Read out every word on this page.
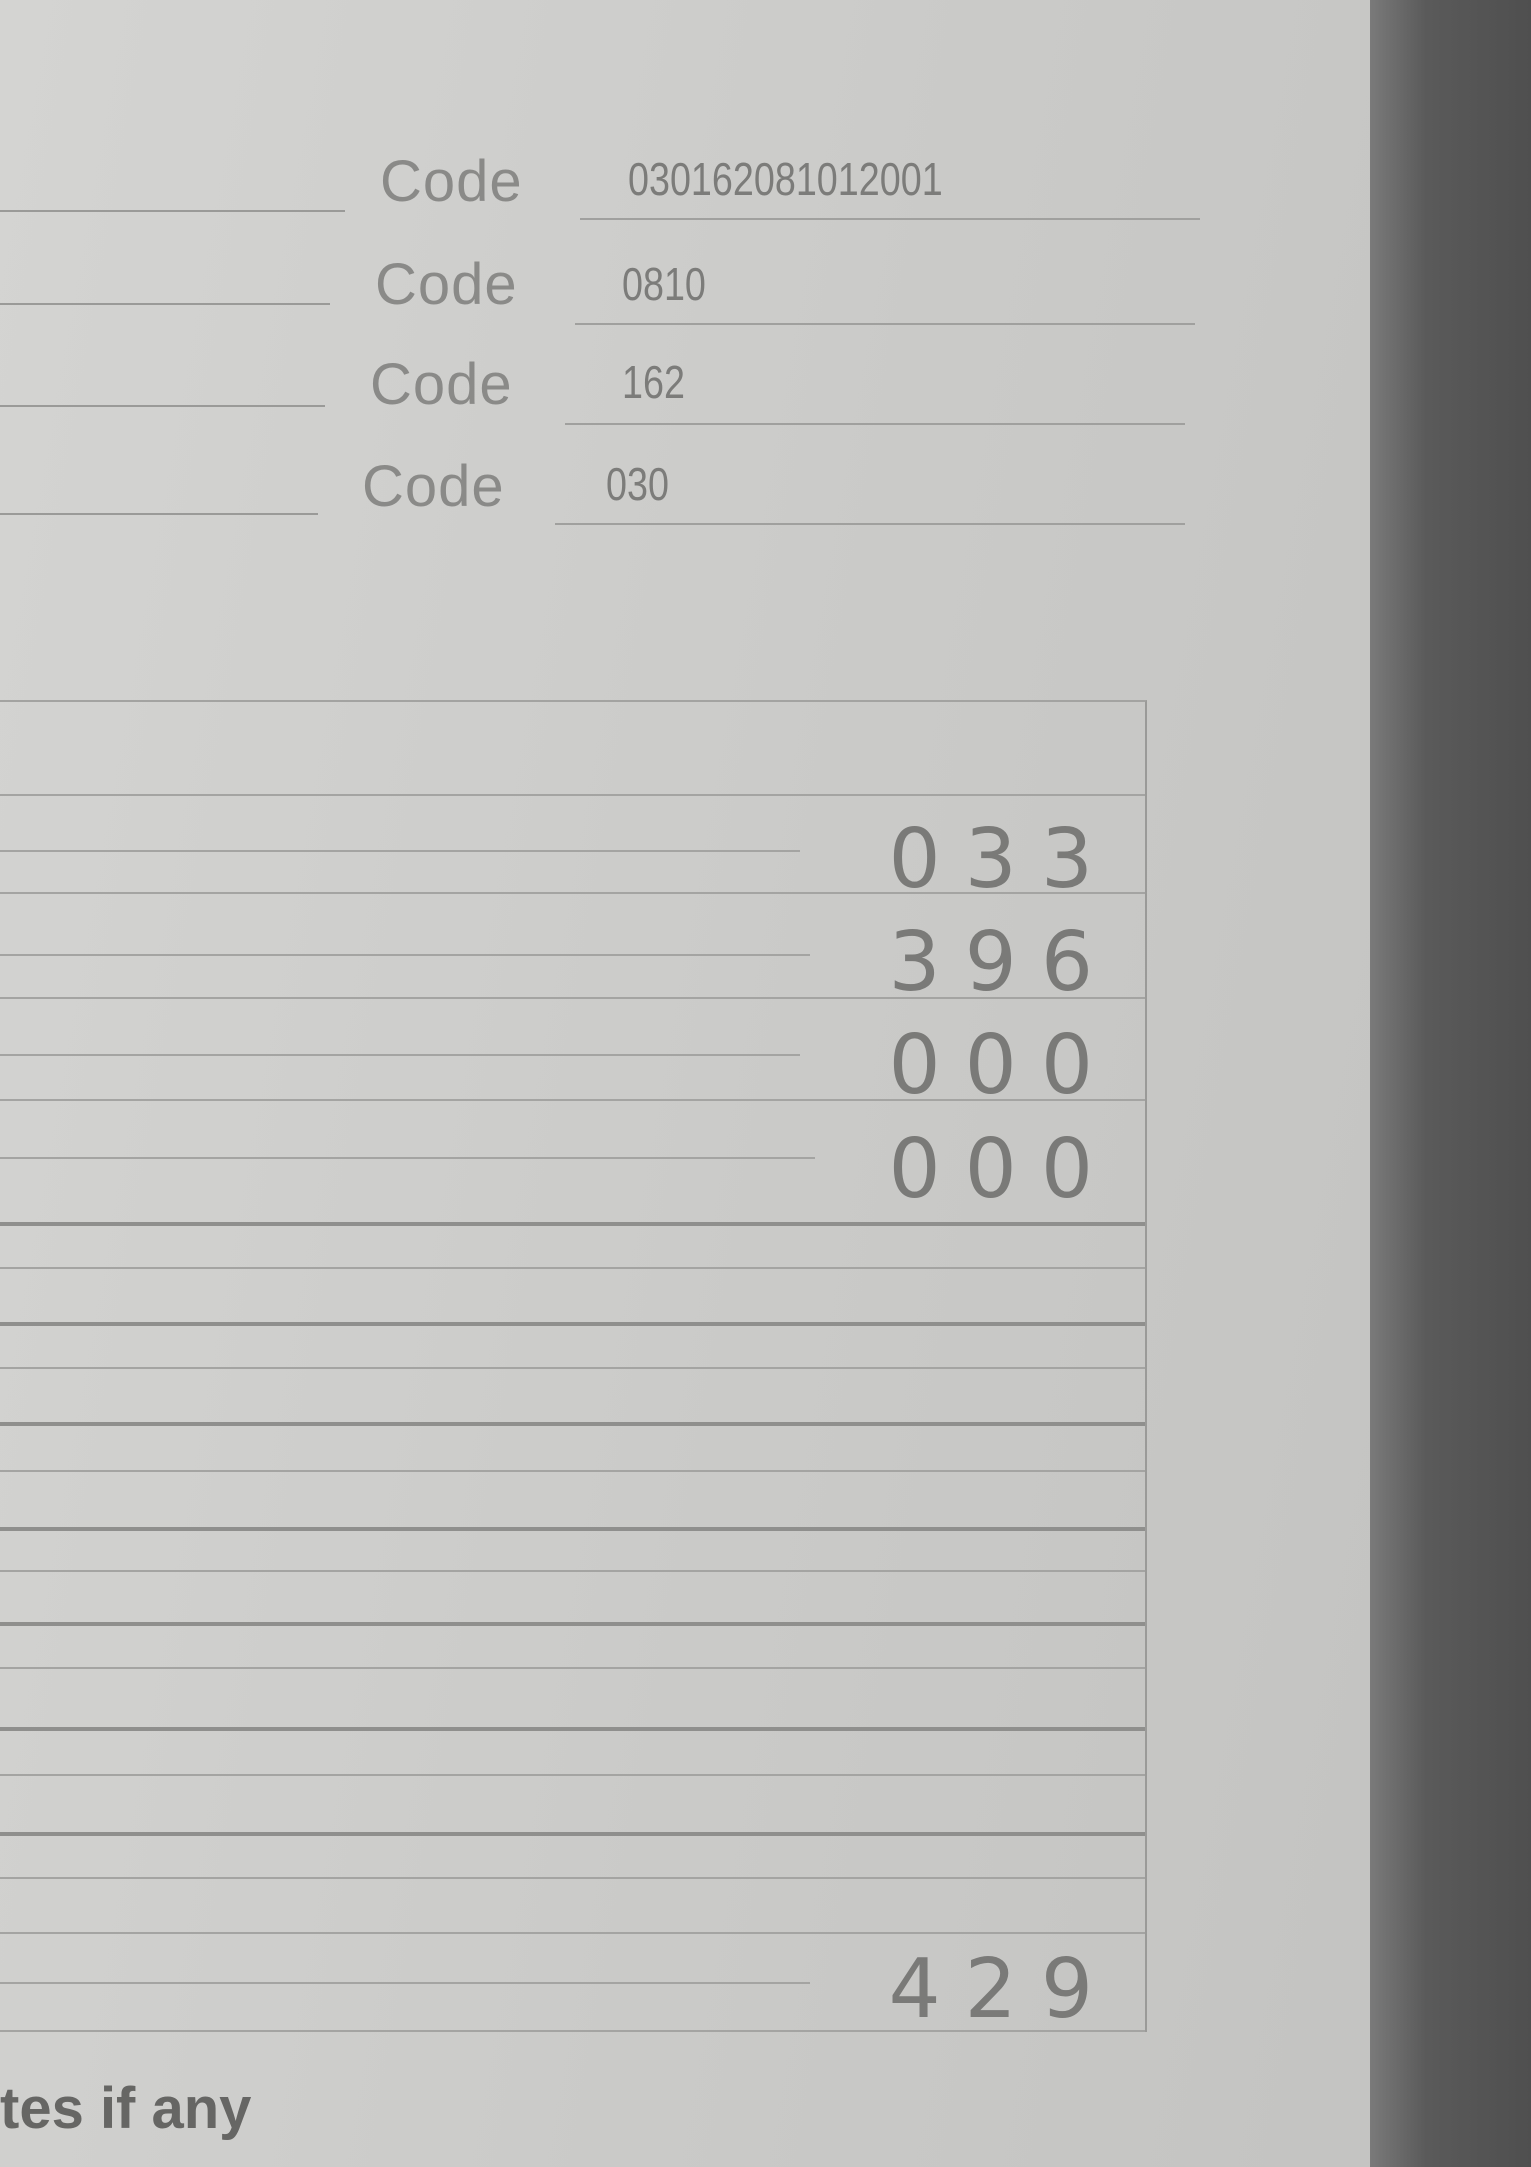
Code 030162081012001
Code 0810
Code 162
Code 030
033
396
000
000
429
tes if any
